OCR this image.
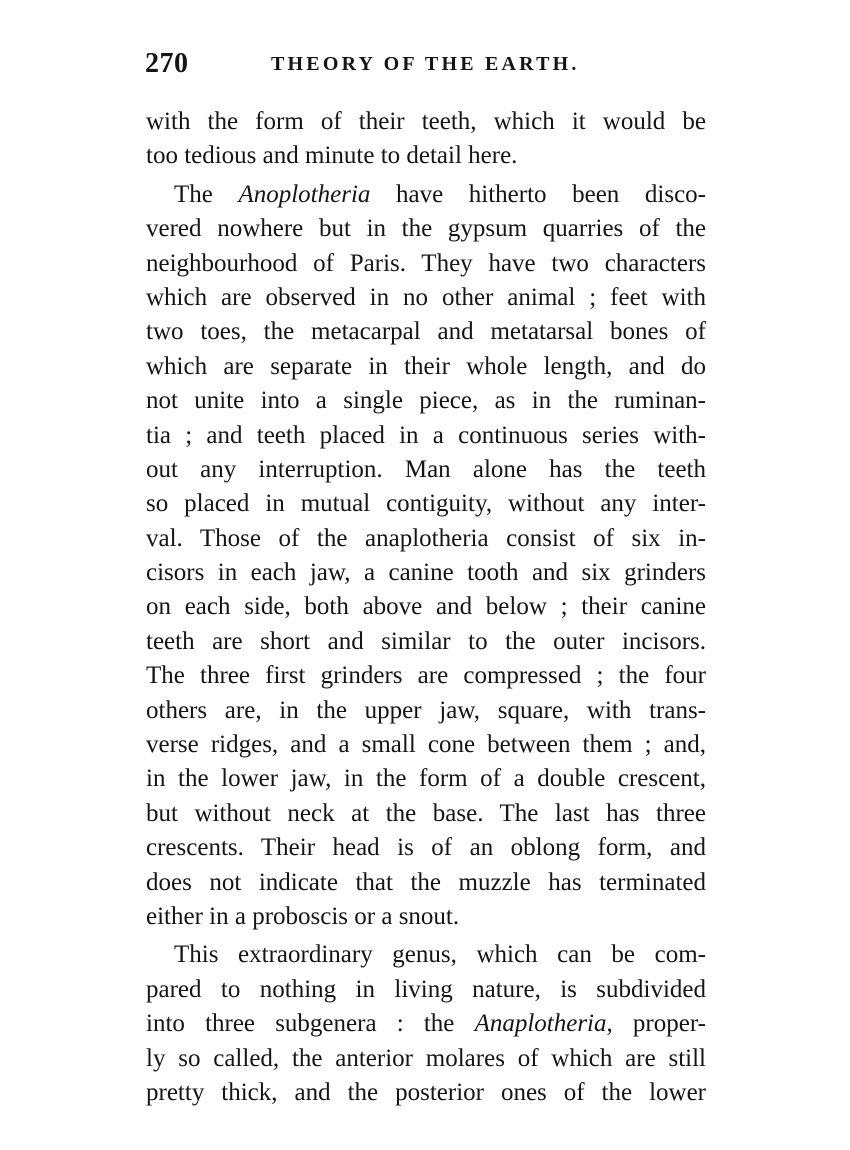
270	THEORY OF THE EARTH.
with the form of their teeth, which it would be
too tedious and minute to detail here.
The Anoplotheria have hitherto been disco-
vered nowhere but in the gypsum quarries of the
neighbourhood of Paris. They have two characters
which are observed in no other animal ; feet with
two toes, the metacarpal and metatarsal bones of
which are separate in their whole length, and do
not unite into a single piece, as in the ruminan-
tia ; and teeth placed in a continuous series with-
out any interruption. Man alone has the teeth
so placed in mutual contiguity, without any inter-
val. Those of the anaplotheria consist of six in-
cisors in each jaw, a canine tooth and six grinders
on each side, both above and below ; their canine
teeth are short and similar to the outer incisors.
The three first grinders are compressed ; the four
others are, in the upper jaw, square, with trans-
verse ridges, and a small cone between them ; and,
in the lower jaw, in the form of a double crescent,
but without neck at the base. The last has three
crescents. Their head is of an oblong form, and
does not indicate that the muzzle has terminated
either in a proboscis or a snout.
This extraordinary genus, which can be com-
pared to nothing in living nature, is subdivided
into three subgenera : the Anaplotheria, proper-
ly so called, the anterior molares of which are still
pretty thick, and the posterior ones of the lower
